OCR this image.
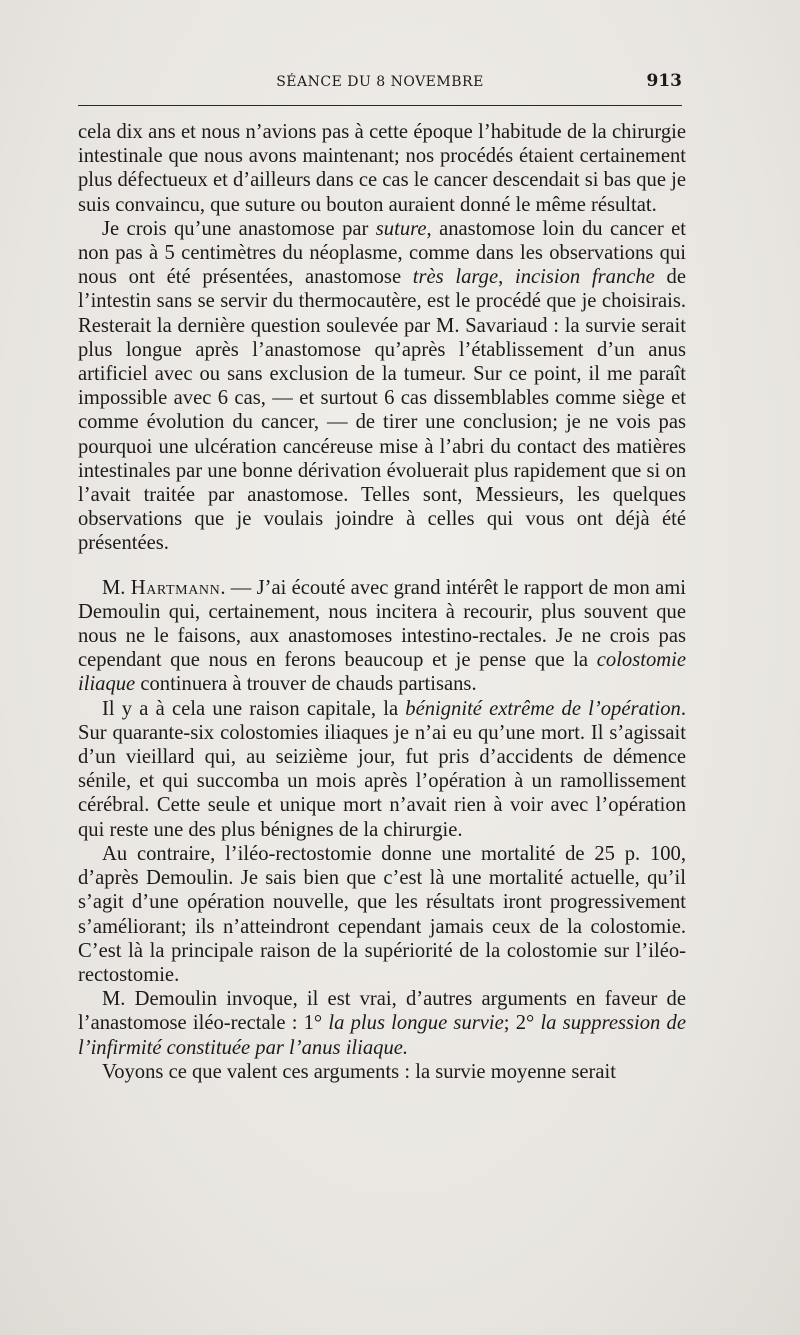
SÉANCE DU 8 NOVEMBRE	913

cela dix ans et nous n’avions pas à cette époque l’habitude de la chirurgie intestinale que nous avons maintenant; nos procédés étaient certainement plus défectueux et d’ailleurs dans ce cas le cancer descendait si bas que je suis convaincu, que suture ou bouton auraient donné le même résultat.

Je crois qu’une anastomose par suture, anastomose loin du cancer et non pas à 5 centimètres du néoplasme, comme dans les observations qui nous ont été présentées, anastomose très large, incision franche de l’intestin sans se servir du thermocautère, est le procédé que je choisirais. Resterait la dernière question soulevée par M. Savariaud : la survie serait plus longue après l’anastomose qu’après l’établissement d’un anus artificiel avec ou sans exclusion de la tumeur. Sur ce point, il me paraît impossible avec 6 cas, — et surtout 6 cas dissemblables comme siège et comme évolution du cancer, — de tirer une conclusion; je ne vois pas pourquoi une ulcération cancéreuse mise à l’abri du contact des matières intestinales par une bonne dérivation évoluerait plus rapidement que si on l’avait traitée par anastomose. Telles sont, Messieurs, les quelques observations que je voulais joindre à celles qui vous ont déjà été présentées.

M. Hartmann. — J’ai écouté avec grand intérêt le rapport de mon ami Demoulin qui, certainement, nous incitera à recourir, plus souvent que nous ne le faisons, aux anastomoses intestino-rectales. Je ne crois pas cependant que nous en ferons beaucoup et je pense que la colostomie iliaque continuera à trouver de chauds partisans.

Il y a à cela une raison capitale, la bénignité extrême de l’opération. Sur quarante-six colostomies iliaques je n’ai eu qu’une mort. Il s’agissait d’un vieillard qui, au seizième jour, fut pris d’accidents de démence sénile, et qui succomba un mois après l’opération à un ramollissement cérébral. Cette seule et unique mort n’avait rien à voir avec l’opération qui reste une des plus bénignes de la chirurgie.

Au contraire, l’iléo-rectostomie donne une mortalité de 25 p. 100, d’après Demoulin. Je sais bien que c’est là une mortalité actuelle, qu’il s’agit d’une opération nouvelle, que les résultats iront progressivement s’améliorant; ils n’atteindront cependant jamais ceux de la colostomie. C’est là la principale raison de la supériorité de la colostomie sur l’iléo-rectostomie.

M. Demoulin invoque, il est vrai, d’autres arguments en faveur de l’anastomose iléo-rectale : 1° la plus longue survie; 2° la suppression de l’infirmité constituée par l’anus iliaque.

Voyons ce que valent ces arguments : la survie moyenne serait
